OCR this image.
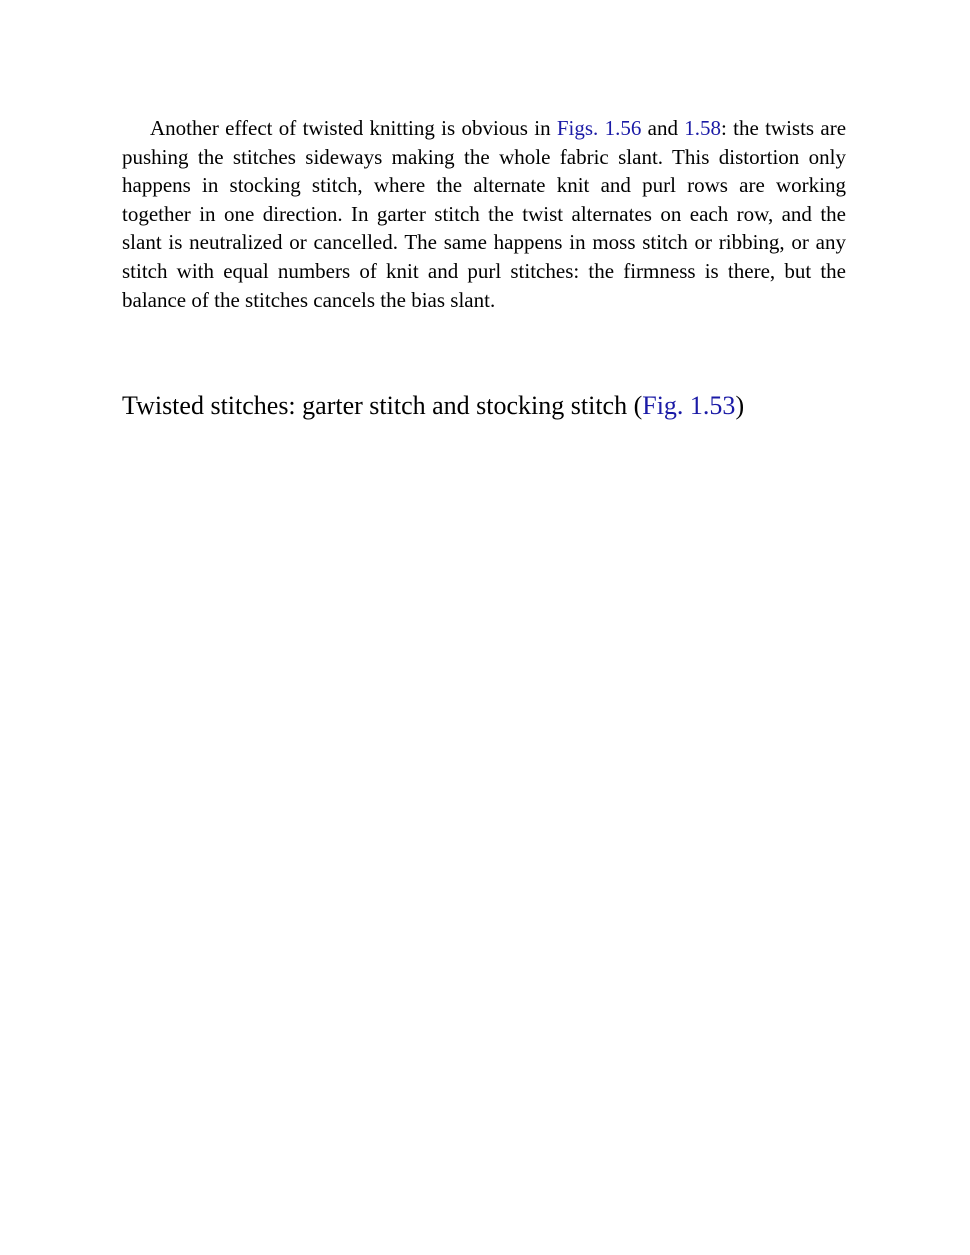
Another effect of twisted knitting is obvious in Figs. 1.56 and 1.58: the twists are pushing the stitches sideways making the whole fabric slant. This distortion only happens in stocking stitch, where the alternate knit and purl rows are working together in one direction. In garter stitch the twist alternates on each row, and the slant is neutralized or cancelled. The same happens in moss stitch or ribbing, or any stitch with equal numbers of knit and purl stitches: the firmness is there, but the balance of the stitches cancels the bias slant.

Twisted stitches: garter stitch and stocking stitch (Fig. 1.53)
